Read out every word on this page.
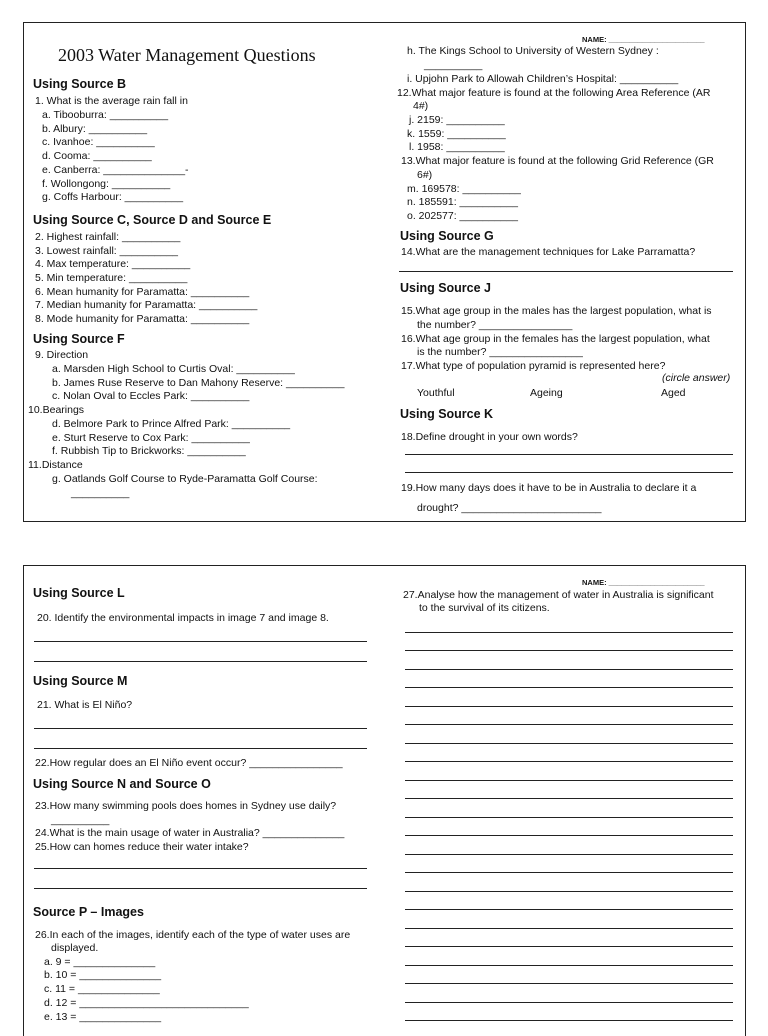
2003 Water Management Questions
NAME: _______________________
Using Source B
1. What is the average rain fall in
a. Tibooburra: __________
b. Albury: __________
c. Ivanhoe: __________
d. Cooma: __________
e. Canberra: ______________-
f. Wollongong: __________
g. Coffs Harbour: __________
Using Source C, Source D and Source E
2. Highest rainfall: __________
3. Lowest rainfall: __________
4. Max temperature: __________
5. Min temperature: __________
6. Mean humanity for Paramatta: __________
7. Median humanity for Paramatta: __________
8. Mode humanity for Paramatta: __________
Using Source F
9. Direction
a. Marsden High School to Curtis Oval: __________
b. James Ruse Reserve to Dan Mahony Reserve: __________
c. Nolan Oval to Eccles Park: __________
10.Bearings
d. Belmore Park to Prince Alfred Park: __________
e. Sturt Reserve to Cox Park: __________
f. Rubbish Tip to Brickworks: __________
11.Distance
g. Oatlands Golf Course to Ryde-Paramatta Golf Course:
__________
h. The Kings School to University of Western Sydney :
__________
i. Upjohn Park to Allowah Children’s Hospital: __________
12.What major feature is found at the following Area Reference (AR
4#)
j. 2159: __________
k. 1559: __________
l. 1958: __________
13.What major feature is found at the following Grid Reference (GR
6#)
m. 169578: __________
n. 185591: __________
o. 202577: __________
Using Source G
14.What are the management techniques for Lake Parramatta?
Using Source J
15.What age group in the males has the largest population, what is
the number? ________________
16.What age group in the females has the largest population, what
is the number? ________________
17.What type of population pyramid is represented here?
(circle answer)
Youthful	Ageing	Aged
Using Source K
18.Define drought in your own words?
19.How many days does it have to be in Australia to declare it a
drought? ________________________
NAME: _______________________
Using Source L
20. Identify the environmental impacts in image 7 and image 8.
Using Source M
21. What is El Niño?
22.How regular does an El Niño event occur? ________________
Using Source N and Source O
23.How many swimming pools does homes in Sydney use daily?
__________
24.What is the main usage of water in Australia? ______________
25.How can homes reduce their water intake?
Source P – Images
26.In each of the images, identify each of the type of water uses are
displayed.
a. 9 = ______________
b. 10 = ______________
c. 11 = ______________
d. 12 = _____________________________
e. 13 = ______________
27.Analyse how the management of water in Australia is significant
to the survival of its citizens.
